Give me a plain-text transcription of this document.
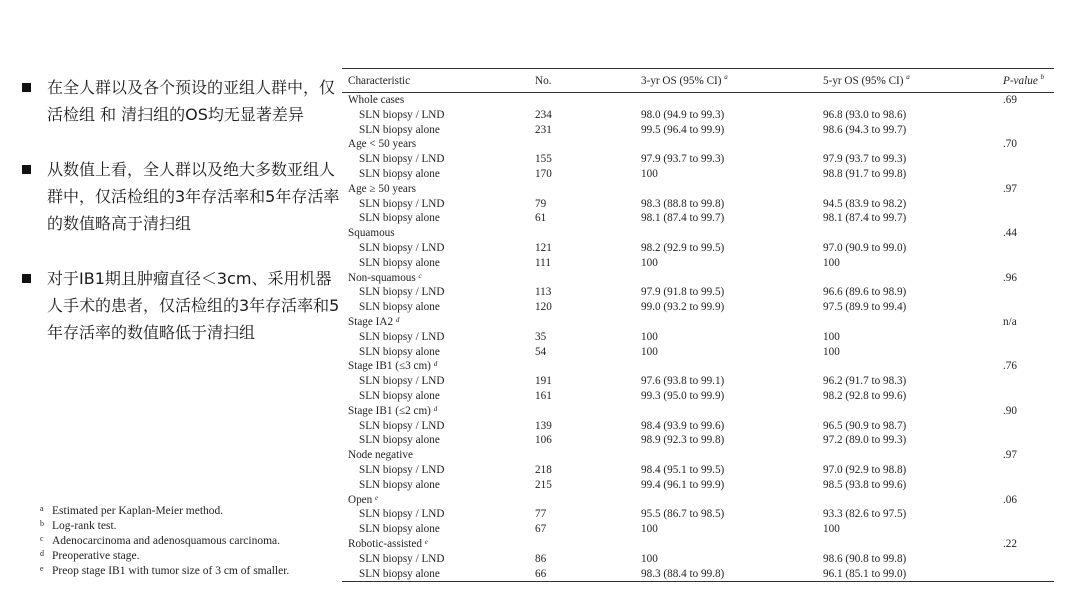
在全人群以及各个预设的亚组人群中，仅活检组 和 清扫组的OS均无显著差异
从数值上看，全人群以及绝大多数亚组人群中，仅活检组的3年存活率和5年存活率的数值略高于清扫组
对于IB1期且肿瘤直径＜3cm、采用机器人手术的患者，仅活检组的3年存活率和5年存活率的数值略低于清扫组
a Estimated per Kaplan-Meier method.
b Log-rank test.
c Adenocarcinoma and adenosquamous carcinoma.
d Preoperative stage.
e Preop stage IB1 with tumor size of 3 cm of smaller.
Characteristic	No.	3-yr OS (95% CI) $^a$	5-yr OS (95% CI) $^a$	P-value $^b$
Whole cases				.69
SLN biopsy / LND	234	98.0 (94.9 to 99.3)	96.8 (93.0 to 98.6)	
SLN biopsy alone	231	99.5 (96.4 to 99.9)	98.6 (94.3 to 99.7)	
Age < 50 years				.70
SLN biopsy / LND	155	97.9 (93.7 to 99.3)	97.9 (93.7 to 99.3)	
SLN biopsy alone	170	100	98.8 (91.7 to 99.8)	
Age ≥ 50 years				.97
SLN biopsy / LND	79	98.3 (88.8 to 99.8)	94.5 (83.9 to 98.2)	
SLN biopsy alone	61	98.1 (87.4 to 99.7)	98.1 (87.4 to 99.7)	
Squamous				.44
SLN biopsy / LND	121	98.2 (92.9 to 99.5)	97.0 (90.9 to 99.0)	
SLN biopsy alone	111	100	100	
Non-squamous $^c$				.96
SLN biopsy / LND	113	97.9 (91.8 to 99.5)	96.6 (89.6 to 98.9)	
SLN biopsy alone	120	99.0 (93.2 to 99.9)	97.5 (89.9 to 99.4)	
Stage IA2 $^d$				n/a
SLN biopsy / LND	35	100	100	
SLN biopsy alone	54	100	100	
Stage IB1 (≤3 cm) $^d$				.76
SLN biopsy / LND	191	97.6 (93.8 to 99.1)	96.2 (91.7 to 98.3)	
SLN biopsy alone	161	99.3 (95.0 to 99.9)	98.2 (92.8 to 99.6)	
Stage IB1 (≤2 cm) $^d$				.90
SLN biopsy / LND	139	98.4 (93.9 to 99.6)	96.5 (90.9 to 98.7)	
SLN biopsy alone	106	98.9 (92.3 to 99.8)	97.2 (89.0 to 99.3)	
Node negative				.97
SLN biopsy / LND	218	98.4 (95.1 to 99.5)	97.0 (92.9 to 98.8)	
SLN biopsy alone	215	99.4 (96.1 to 99.9)	98.5 (93.8 to 99.6)	
Open $^e$				.06
SLN biopsy / LND	77	95.5 (86.7 to 98.5)	93.3 (82.6 to 97.5)	
SLN biopsy alone	67	100	100	
Robotic-assisted $^e$				.22
SLN biopsy / LND	86	100	98.6 (90.8 to 99.8)	
SLN biopsy alone	66	98.3 (88.4 to 99.8)	96.1 (85.1 to 99.0)	
